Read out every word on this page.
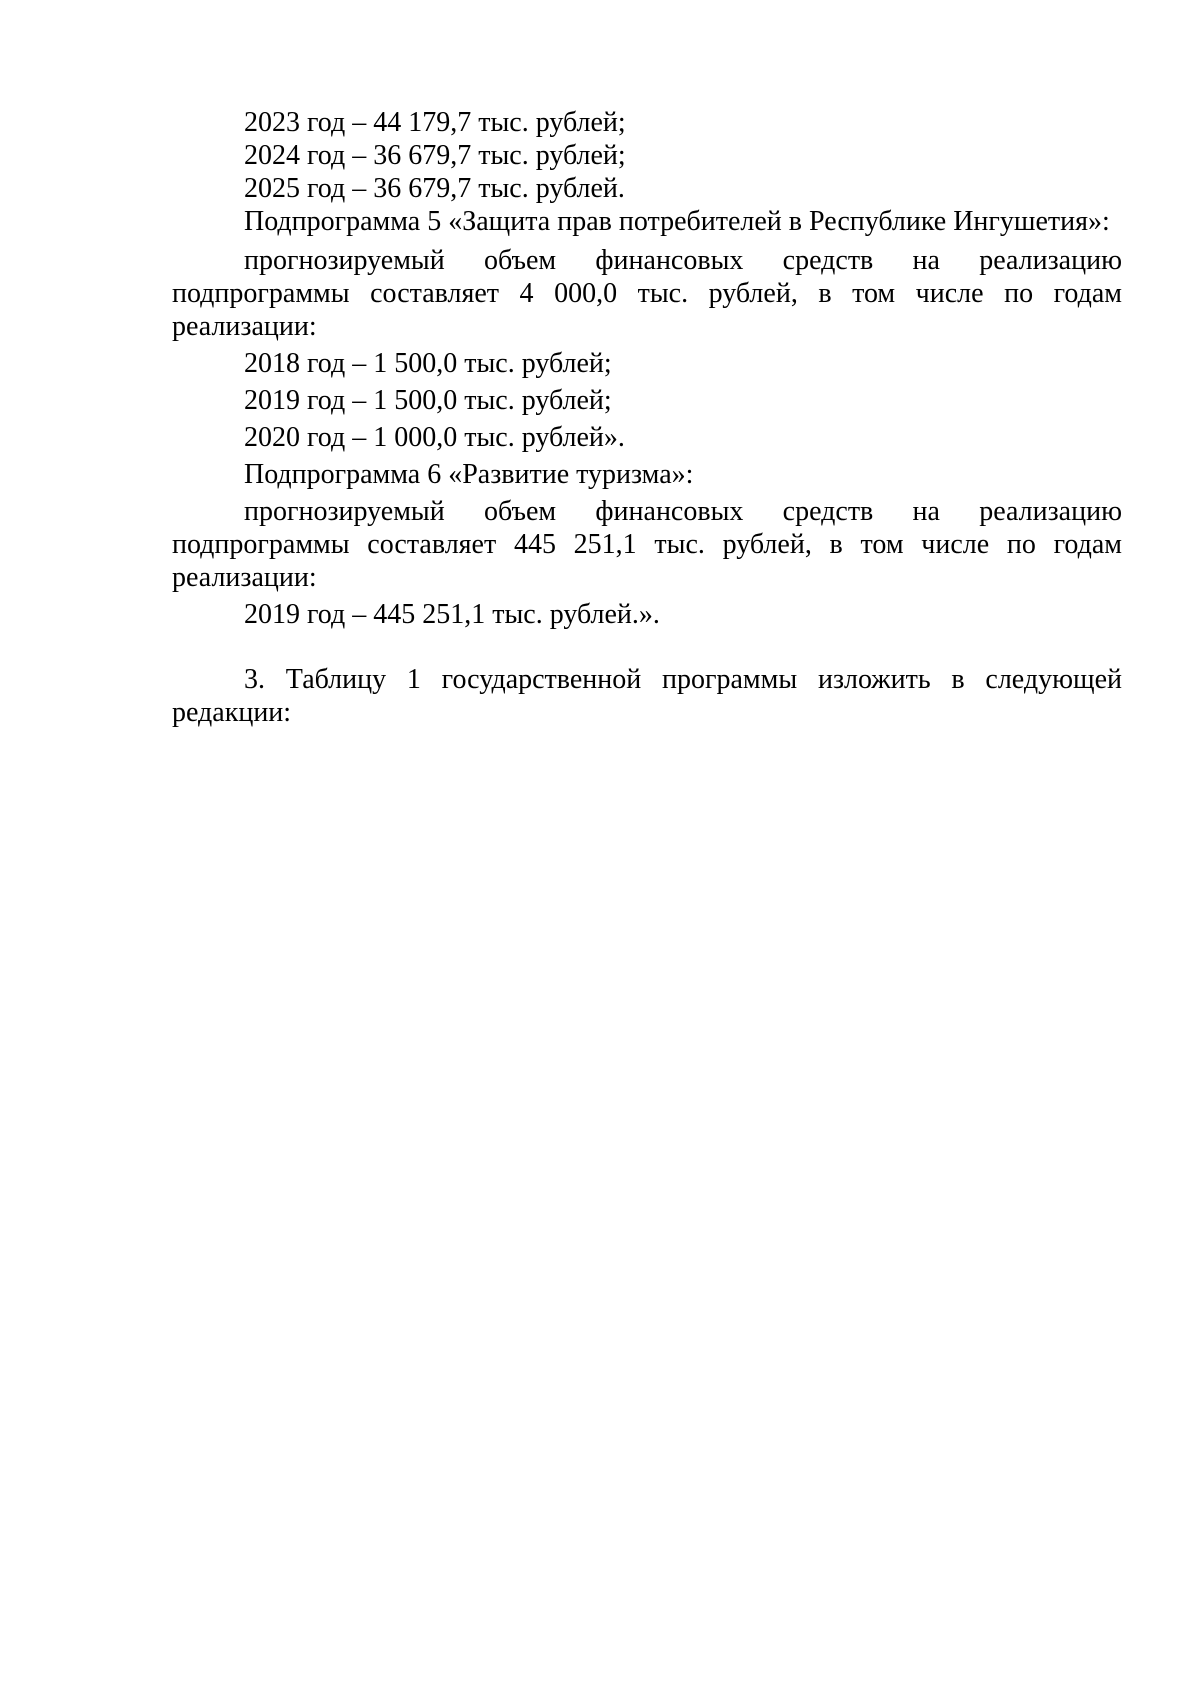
2023 год – 44 179,7 тыс. рублей;
2024 год – 36 679,7 тыс. рублей;
2025 год – 36 679,7 тыс. рублей.
Подпрограмма 5 «Защита прав потребителей в Республике Ингушетия»:
прогнозируемый объем финансовых средств на реализацию подпрограммы составляет 4 000,0 тыс. рублей, в том числе по годам реализации:
2018 год – 1 500,0 тыс. рублей;
2019 год – 1 500,0 тыс. рублей;
2020 год – 1 000,0 тыс. рублей».
Подпрограмма 6 «Развитие туризма»:
прогнозируемый объем финансовых средств на реализацию подпрограммы составляет 445 251,1 тыс. рублей, в том числе по годам реализации:
2019 год – 445 251,1 тыс. рублей.».
3. Таблицу 1 государственной программы изложить в следующей редакции:
